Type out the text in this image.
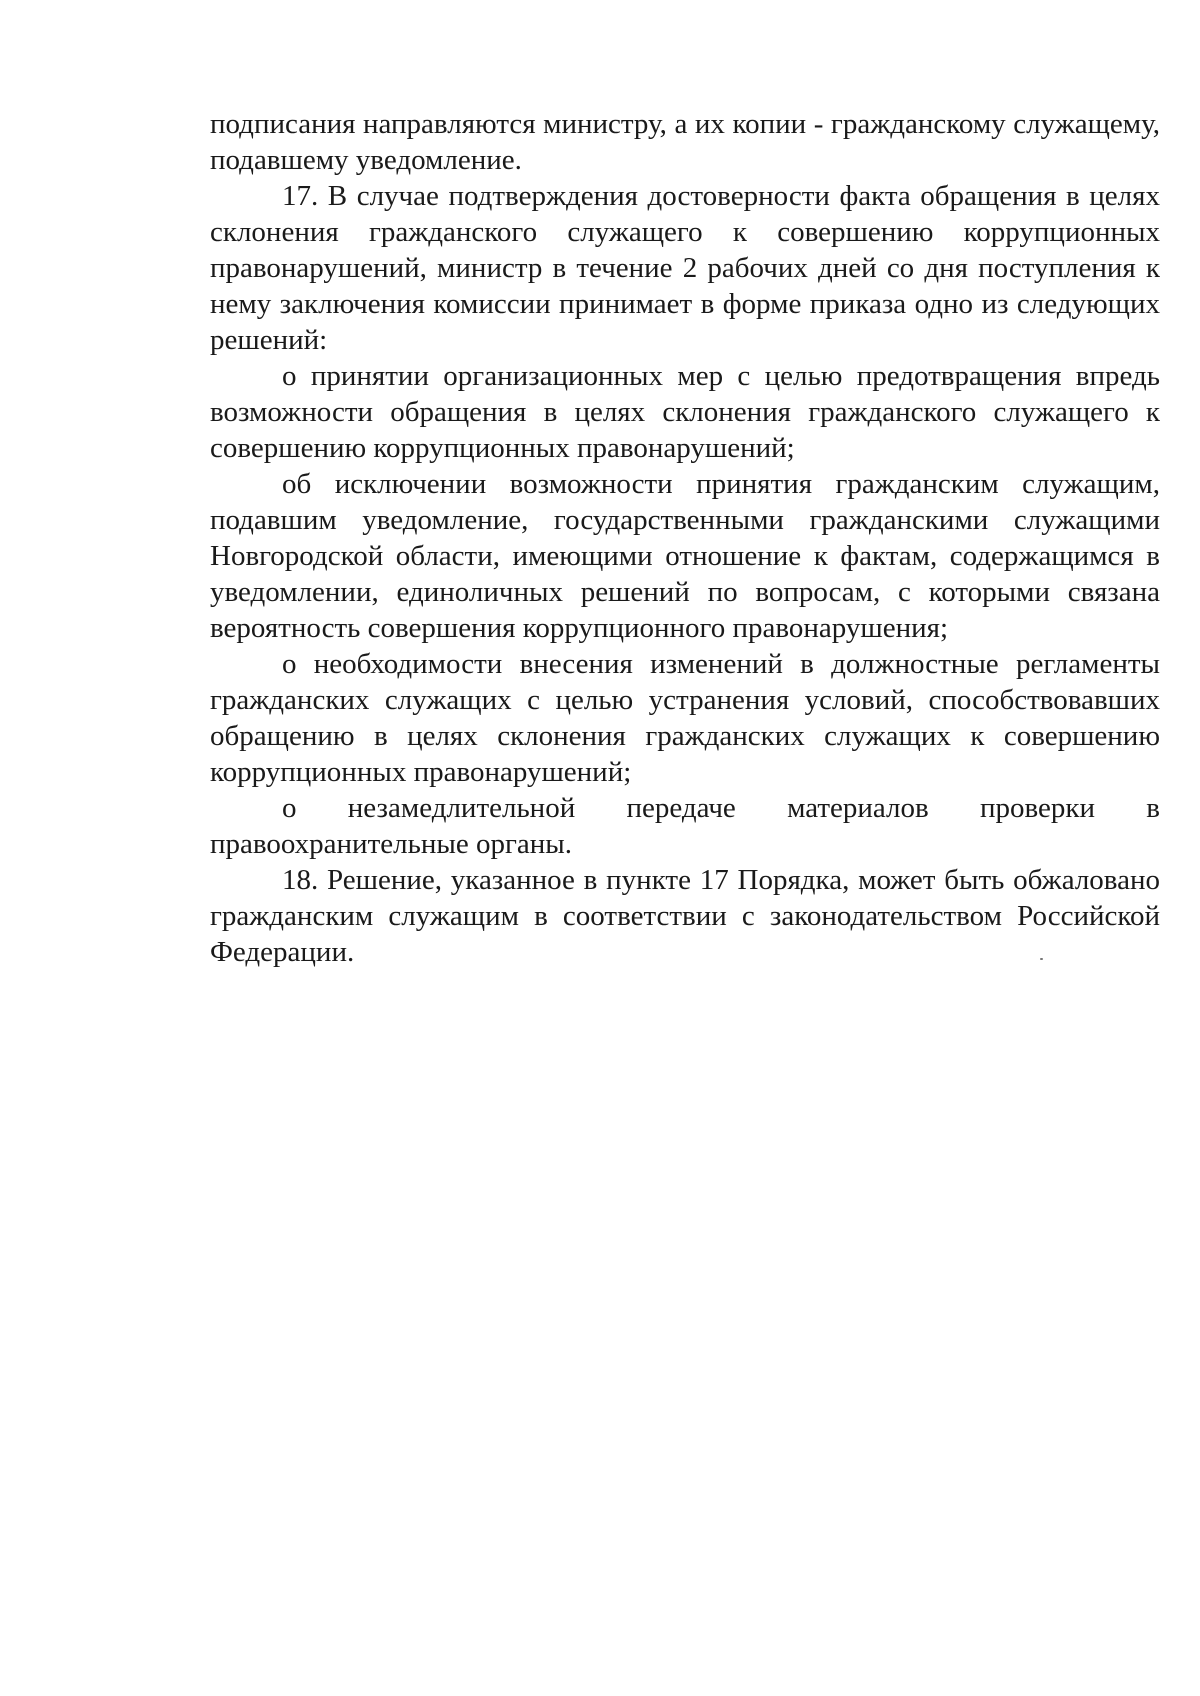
подписания направляются министру, а их копии - гражданскому служащему, подавшему уведомление.

17. В случае подтверждения достоверности факта обращения в целях склонения гражданского служащего к совершению коррупционных правонарушений, министр в течение 2 рабочих дней со дня поступления к нему заключения комиссии принимает в форме приказа одно из следующих решений:

о принятии организационных мер с целью предотвращения впредь возможности обращения в целях склонения гражданского служащего к совершению коррупционных правонарушений;

об исключении возможности принятия гражданским служащим, подавшим уведомление, государственными гражданскими служащими Новгородской области, имеющими отношение к фактам, содержащимся в уведомлении, единоличных решений по вопросам, с которыми связана вероятность совершения коррупционного правонарушения;

о необходимости внесения изменений в должностные регламенты гражданских служащих с целью устранения условий, способствовавших обращению в целях склонения гражданских служащих к совершению коррупционных правонарушений;

о незамедлительной передаче материалов проверки в правоохранительные органы.

18. Решение, указанное в пункте 17 Порядка, может быть обжаловано гражданским служащим в соответствии с законодательством Российской Федерации.
